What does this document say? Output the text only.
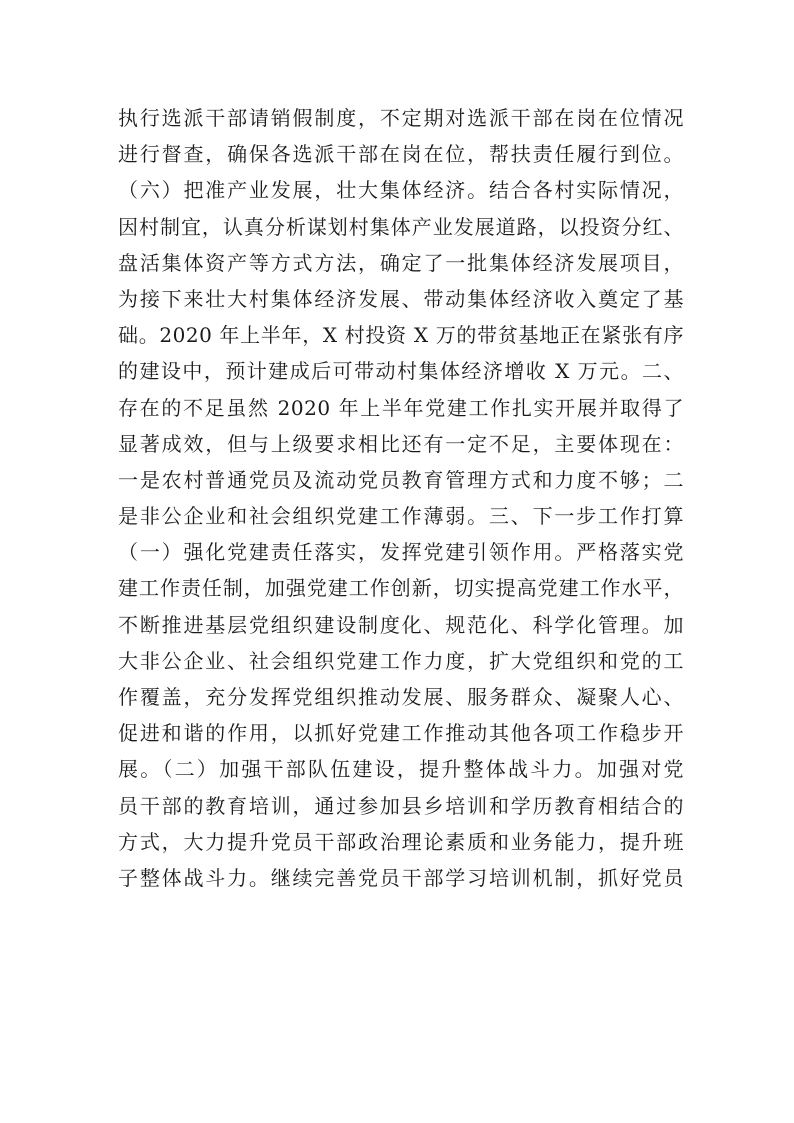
执行选派干部请销假制度，不定期对选派干部在岗在位情况
进行督查，确保各选派干部在岗在位，帮扶责任履行到位。
（六）把准产业发展，壮大集体经济。结合各村实际情况，
因村制宜，认真分析谋划村集体产业发展道路，以投资分红、
盘活集体资产等方式方法，确定了一批集体经济发展项目，
为接下来壮大村集体经济发展、带动集体经济收入奠定了基
础。2020 年上半年，X 村投资 X 万的带贫基地正在紧张有序
的建设中，预计建成后可带动村集体经济增收 X 万元。二、
存在的不足虽然 2020 年上半年党建工作扎实开展并取得了
显著成效，但与上级要求相比还有一定不足，主要体现在：
一是农村普通党员及流动党员教育管理方式和力度不够；二
是非公企业和社会组织党建工作薄弱。三、下一步工作打算
（一）强化党建责任落实，发挥党建引领作用。严格落实党
建工作责任制，加强党建工作创新，切实提高党建工作水平，
不断推进基层党组织建设制度化、规范化、科学化管理。加
大非公企业、社会组织党建工作力度，扩大党组织和党的工
作覆盖，充分发挥党组织推动发展、服务群众、凝聚人心、
促进和谐的作用，以抓好党建工作推动其他各项工作稳步开
展。（二）加强干部队伍建设，提升整体战斗力。加强对党
员干部的教育培训，通过参加县乡培训和学历教育相结合的
方式，大力提升党员干部政治理论素质和业务能力，提升班
子整体战斗力。继续完善党员干部学习培训机制，抓好党员
